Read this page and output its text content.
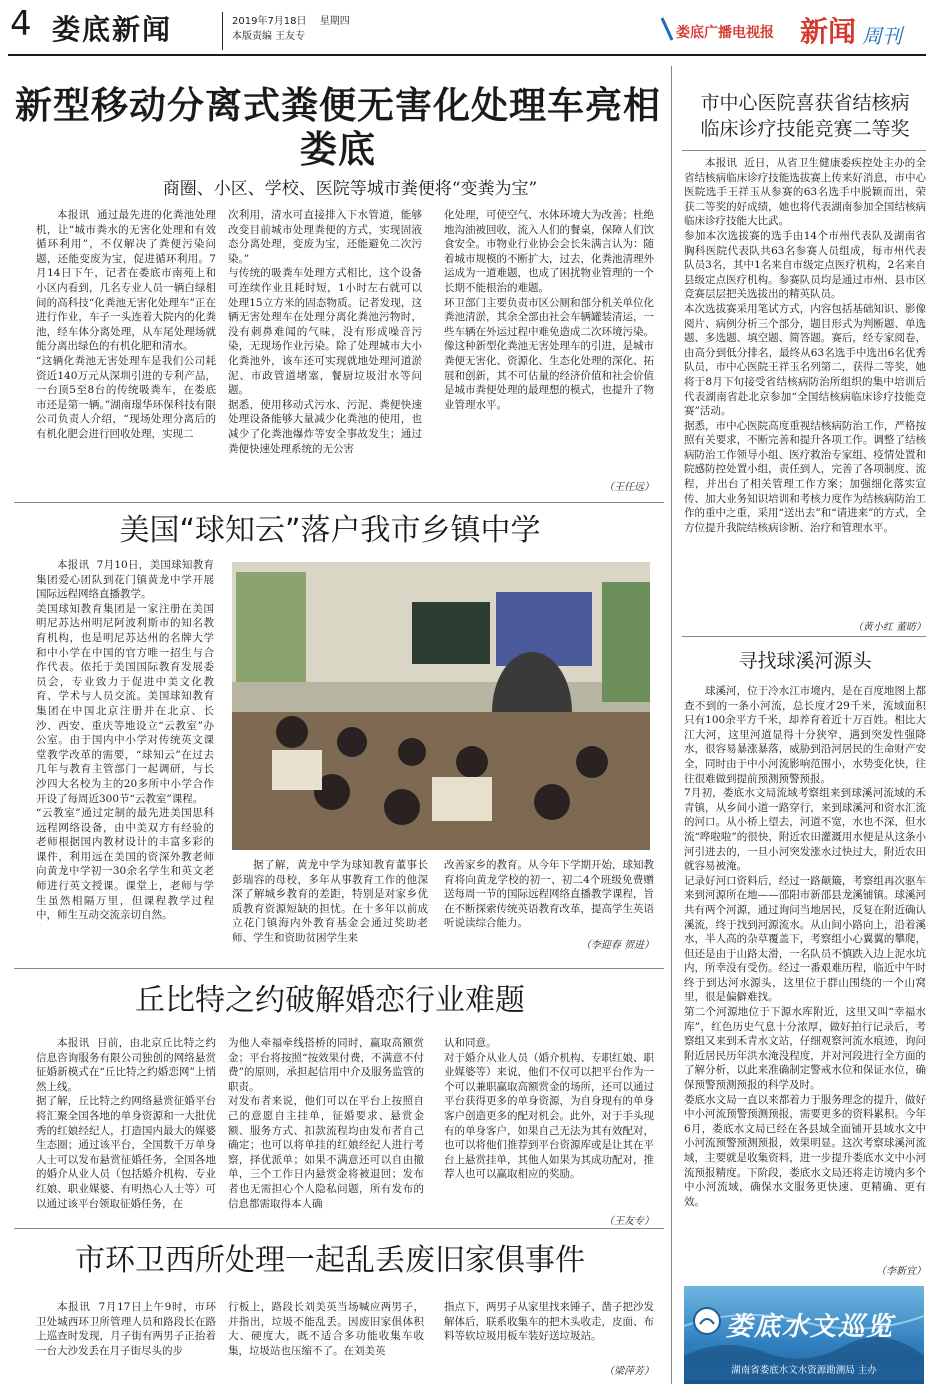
4 娄底新闻	2019年7月18日 星期四
本版责编 王友专	娄底广播电视报 新闻 周刊
新型移动分离式粪便无害化处理车亮相娄底
商圈、小区、学校、医院等城市粪便将“变粪为宝”

本报讯  通过最先进的化粪池处理机，让“城市粪水的无害化处理和有效循环利用”，不仅解决了粪便污染问题，还能变废为宝，促进循环利用。7月14日下午，记者在娄底市南苑上和小区内看到，几名专业人员一辆白绿相间的高科技“化粪池无害化处理车”正在进行作业，车子一头连着大院内的化粪池，经车体分离处理，从车尾处理场就能分离出绿色的有机化肥和清水。
“这辆化粪池无害处理车是我们公司耗资近140万元从深圳引进的专利产品，一台顶5至8台的传统吸粪车，在娄底市还是第一辆。”湖南璟华环保科技有限公司负责人介绍，“现场处理分离后的有机化肥会进行回收处理，实现二

次利用，清水可直接排入下水管道，能够改变目前城市处理粪便的方式，实现固液态分离处理，变废为宝，还能避免二次污染。”
与传统的吸粪车处理方式相比，这个设备可连续作业且耗时短，1小时左右就可以处理15立方米的固态物质。记者发现，这辆无害处理车在处理分离化粪池污物时，没有刺鼻难闻的气味，没有形成噪音污染，无现场作业污染。除了处理城市大小化粪池外，该车还可实现就地处理河道淤泥、市政管道堵塞，餐厨垃圾泔水等问题。
据悉，使用移动式污水、污泥、粪便快速处理设备能够大量减少化粪池的使用，也减少了化粪池爆炸等安全事故发生；通过粪便快速处理系统的无公害

化处理，可使空气、水体环境大为改善；杜绝地沟油被回收，流入人们的餐桌，保障人们饮食安全。市物业行业协会会长朱满言认为：随着城市规模的不断扩大，过去，化粪池清理外运成为一道难题，也成了困扰物业管理的一个长期不能根治的难题。
环卫部门主要负责市区公厕和部分机关单位化粪池清淤，其余全部由社会车辆罐装清运，一些车辆在外运过程中难免造成二次环境污染。像这种新型化粪池无害处理车的引进，是城市粪便无害化、资源化、生态化处理的深化、拓展和创新，其不可估量的经济价值和社会价值是城市粪便处理的最理想的模式，也提升了物业管理水平。

（王任远）
美国“球知云”落户我市乡镇中学

本报讯  7月10日，美国球知教育集团爱心团队到花门镇黄龙中学开展国际远程网络直播教学。
美国球知教育集团是一家注册在美国明尼苏达州明尼阿波利斯市的知名教育机构，也是明尼苏达州的名牌大学和中小学在中国的官方唯一招生与合作代表。依托于美国国际教育发展委员会，专业致力于促进中美文化教育、学术与人员交流。美国球知教育集团在中国北京注册并在北京、长沙、西安、重庆等地设立“云教室”办公室。由于国内中小学对传统英文课堂教学改革的需要，“球知云”在过去几年与教育主管部门一起调研，与长沙四大名校为主的20多所中小学合作开设了每周近300节“云教室”课程。
“云教室”通过定制的最先进美国思科远程网络设备，由中美双方有经验的老师根据国内教材设计的丰富多彩的课件，利用远在美国的资深外教老师向黄龙中学初一30余名学生和英文老师进行英文授课。课堂上，老师与学生虽然相隔万里，但课程教学过程中，师生互动交流亲切自然。

据了解，黄龙中学为球知教育董事长彭瑞容的母校，多年从事教育工作的他深深了解城乡教育的差距，特别是对家乡优质教育资源短缺的担忧。在十多年以前成立花门镇海内外教育基金会通过奖助老师、学生和资助贫困学生来

改善家乡的教育。从今年下学期开始，球知教育将向黄龙学校的初一、初二4个班级免费赠送每周一节的国际远程网络直播教学课程，旨在不断探索传统英语教育改革，提高学生英语听说读综合能力。

（李迎春 贺进）
丘比特之约破解婚恋行业难题

本报讯  日前，由北京丘比特之约信息咨询服务有限公司独创的网络悬赏征婚新模式在“丘比特之约婚恋网”上悄然上线。
据了解，丘比特之约网络悬赏征婚平台将汇聚全国各地的单身资源和一大批优秀的红娘经纪人，打造国内最大的媒婆生态圈；通过该平台，全国数千万单身人士可以发布悬赏征婚任务，全国各地的婚介从业人员（包括婚介机构、专业红娘、职业媒婆、有明热心人士等）可以通过该平台领取征婚任务，在

为他人牵福牵线搭桥的同时，赢取高额赏金；平台将按照“按效果付费，不满意不付费”的原则，承担起信用中介及服务监管的职责。
对发布者来说，他们可以在平台上按照自己的意愿自主挂单，征婚要求、悬赏金额、服务方式、扣款流程均由发布者自己确定；也可以将单挂的红娘经纪人进行考察，择优派单；如果不满意还可以自由撤单，三个工作日内悬赏金将被退回；发布者也无需担心个人隐私问题，所有发布的信息都需取得本人确

认和同意。
对于婚介从业人员（婚介机构、专职红娘、职业媒婆等）来说，他们不仅可以把平台作为一个可以兼职赢取高额赏金的场所，还可以通过平台获得更多的单身资源，为自身现有的单身客户创造更多的配对机会。此外，对于手头现有的单身客户，如果自己无法为其有效配对，也可以将他们推荐到平台资源库或是让其在平台上悬赏挂单，其他人如果为其成功配对，推荐人也可以赢取相应的奖励。

（王友专）
市环卫西所处理一起乱丢废旧家俱事件

本报讯  7月17日上午9时，市环卫处城西环卫所管理人员和路段长在路上巡查时发现，月子街有两男子正抬着一台大沙发丢在月子街尽头的步

行板上，路段长刘美英当场喊应两男子，并指出，垃圾不能乱丢。因废旧家俱体积大、硬度大，既不适合多功能收集车收集，垃圾站也压缩不了。在刘美英

指点下，两男子从家里找来锤子、凿子把沙发解体后，联系收集车的把木头收走，皮面、布料等软垃圾用板车装好送垃圾站。

（梁萍芳）
市中心医院喜获省结核病
临床诊疗技能竞赛二等奖

本报讯  近日，从省卫生健康委疾控处主办的全省结核病临床诊疗技能选拔赛上传来好消息，市中心医院选手王祥玉从参赛的63名选手中脱颖而出，荣获二等奖的好成绩，她也将代表湖南参加全国结核病临床诊疗技能大比武。
参加本次选拔赛的选手由14个市州代表队及湖南省胸科医院代表队共63名参赛人员组成，每市州代表队员3名，其中1名来自市级定点医疗机构，2名来自县级定点医疗机构。参赛队员均是通过市州、县市区竞赛层层把关选拔出的精英队员。
本次选拔赛采用笔试方式，内容包括基础知识、影像阅片、病例分析三个部分，题目形式为判断题、单选题、多选题、填空题、简答题。赛后，经专家阅卷，由高分到低分排名，最终从63名选手中选出6名优秀队员，市中心医院王祥玉名列第二，获得二等奖，她将于8月下旬接受省结核病防治所组织的集中培训后代表湖南省赴北京参加“全国结核病临床诊疗技能竞赛”活动。
据悉，市中心医院高度重视结核病防治工作，严格按照有关要求，不断完善和提升各项工作。调整了结核病防治工作领导小组、医疗救治专家组、疫情处置和院感防控处置小组，责任到人，完善了各项制度、流程，并出台了相关管理工作方案；加强细化落实宣传、加大业务知识培训和考核力度作为结核病防治工作的重中之重，采用“送出去”和“请进来”的方式，全方位提升我院结核病诊断、治疗和管理水平。

（黄小红 董昉）
寻找球溪河源头

球溪河，位于冷水江市境内，是在百度地图上都查不到的一条小河流，总长度才29千米，流域面积只有100余平方千米，却养育着近十万百姓。相比大江大河，这里河道显得十分狭窄，遇到突发性强降水，很容易暴涨暴落，威胁到沿河居民的生命财产安全，同时由于中小河流影响范围小，水势变化快，往往很难做到提前预测预警预报。
7月初，娄底水文局流域考察组来到球溪河流域的禾青镇，从乡间小道一路穿行，来到球溪河和资水汇流的河口。从小桥上望去，河道不宽，水也不深，但水流“哗啦啦”的很快，附近农田灌溉用水便是从这条小河引进去的，一旦小河突发涨水过快过大，附近农田就容易被淹。
记录好河口资料后，经过一路颠簸，考察组再次驱车来到河源所在地——邵阳市新邵县龙溪铺镇。球溪河共有两个河源，通过询问当地居民，反复在附近确认溪流，终于找到河源流水。从山间小路向上，沿着溪水，半人高的杂草覆盖下，考察组小心翼翼的攀爬，但还是由于山路太滑，一名队员不慎跌入边上泥水坑内，所幸没有受伤。经过一番艰难历程，临近中午时终于到达河水源头，这里位于群山围绕的一个山窝里，很是偏僻难找。
第二个河源地位于下源水库附近，这里又叫“幸福水库”，红色历史气息十分浓厚，做好拍行记录后，考察组又来到禾青水文站，仔细观察河流水痕迹，询问附近居民历年洪水淹没程度，并对河段进行全方面的了解分析，以此来准确制定警戒水位和保证水位，确保预警预测预报的科学及时。
娄底水文局一直以来都着力于服务理念的提升，做好中小河流预警预测预报，需要更多的资料累积。今年6月，娄底水文局已经在各县域全面铺开县域水文中小河流预警预测预报，效果明显。这次考察球溪河流域，主要就是收集资料，进一步提升娄底水文中小河流预报精度。下阶段，娄底水文局还将走访境内多个中小河流域，确保水文服务更快速、更精确、更有效。

（李新宜）
娄底水文巡览
湖南省娄底水文水资源勘测局 主办
